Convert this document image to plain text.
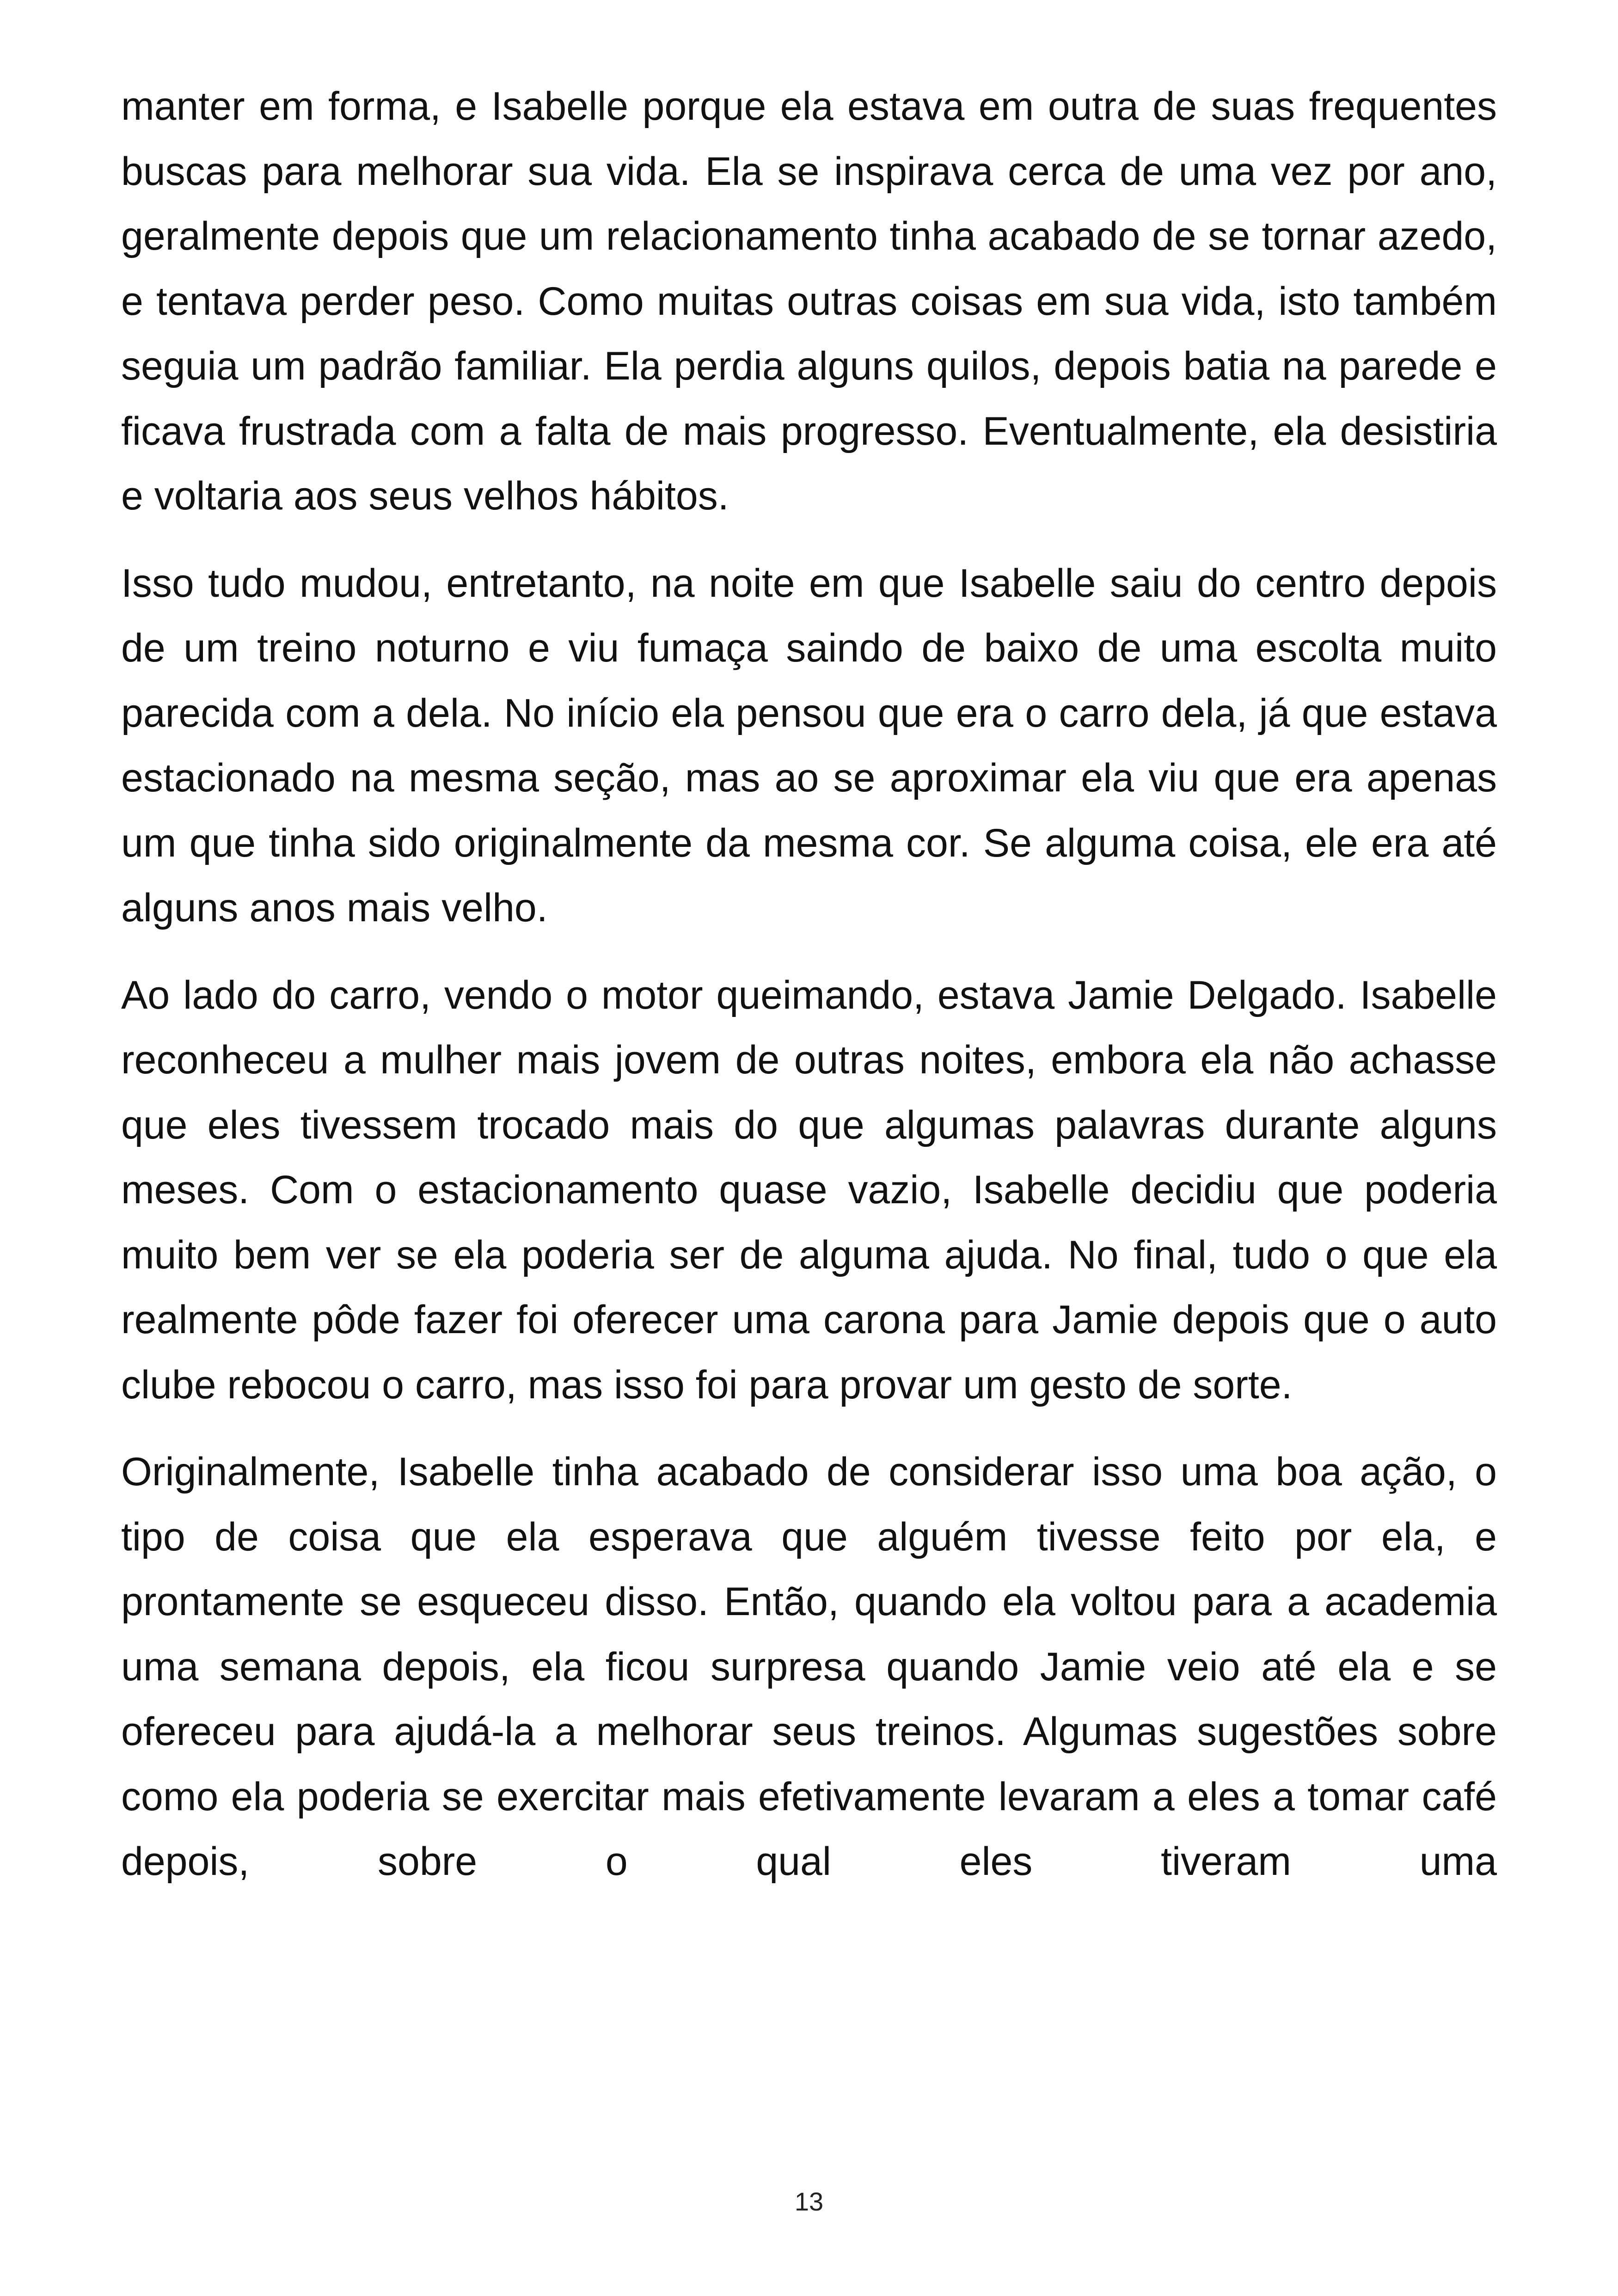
manter em forma, e Isabelle porque ela estava em outra de suas frequentes buscas para melhorar sua vida. Ela se inspirava cerca de uma vez por ano, geralmente depois que um relacionamento tinha acabado de se tornar azedo, e tentava perder peso. Como muitas outras coisas em sua vida, isto também seguia um padrão familiar. Ela perdia alguns quilos, depois batia na parede e ficava frustrada com a falta de mais progresso. Eventualmente, ela desistiria e voltaria aos seus velhos hábitos.

Isso tudo mudou, entretanto, na noite em que Isabelle saiu do centro depois de um treino noturno e viu fumaça saindo de baixo de uma escolta muito parecida com a dela. No início ela pensou que era o carro dela, já que estava estacionado na mesma seção, mas ao se aproximar ela viu que era apenas um que tinha sido originalmente da mesma cor. Se alguma coisa, ele era até alguns anos mais velho.

Ao lado do carro, vendo o motor queimando, estava Jamie Delgado. Isabelle reconheceu a mulher mais jovem de outras noites, embora ela não achasse que eles tivessem trocado mais do que algumas palavras durante alguns meses. Com o estacionamento quase vazio, Isabelle decidiu que poderia muito bem ver se ela poderia ser de alguma ajuda. No final, tudo o que ela realmente pôde fazer foi oferecer uma carona para Jamie depois que o auto clube rebocou o carro, mas isso foi para provar um gesto de sorte.

Originalmente, Isabelle tinha acabado de considerar isso uma boa ação, o tipo de coisa que ela esperava que alguém tivesse feito por ela, e prontamente se esqueceu disso. Então, quando ela voltou para a academia uma semana depois, ela ficou surpresa quando Jamie veio até ela e se ofereceu para ajudá-la a melhorar seus treinos. Algumas sugestões sobre como ela poderia se exercitar mais efetivamente levaram a eles a tomar café depois, sobre o qual eles tiveram uma

13
